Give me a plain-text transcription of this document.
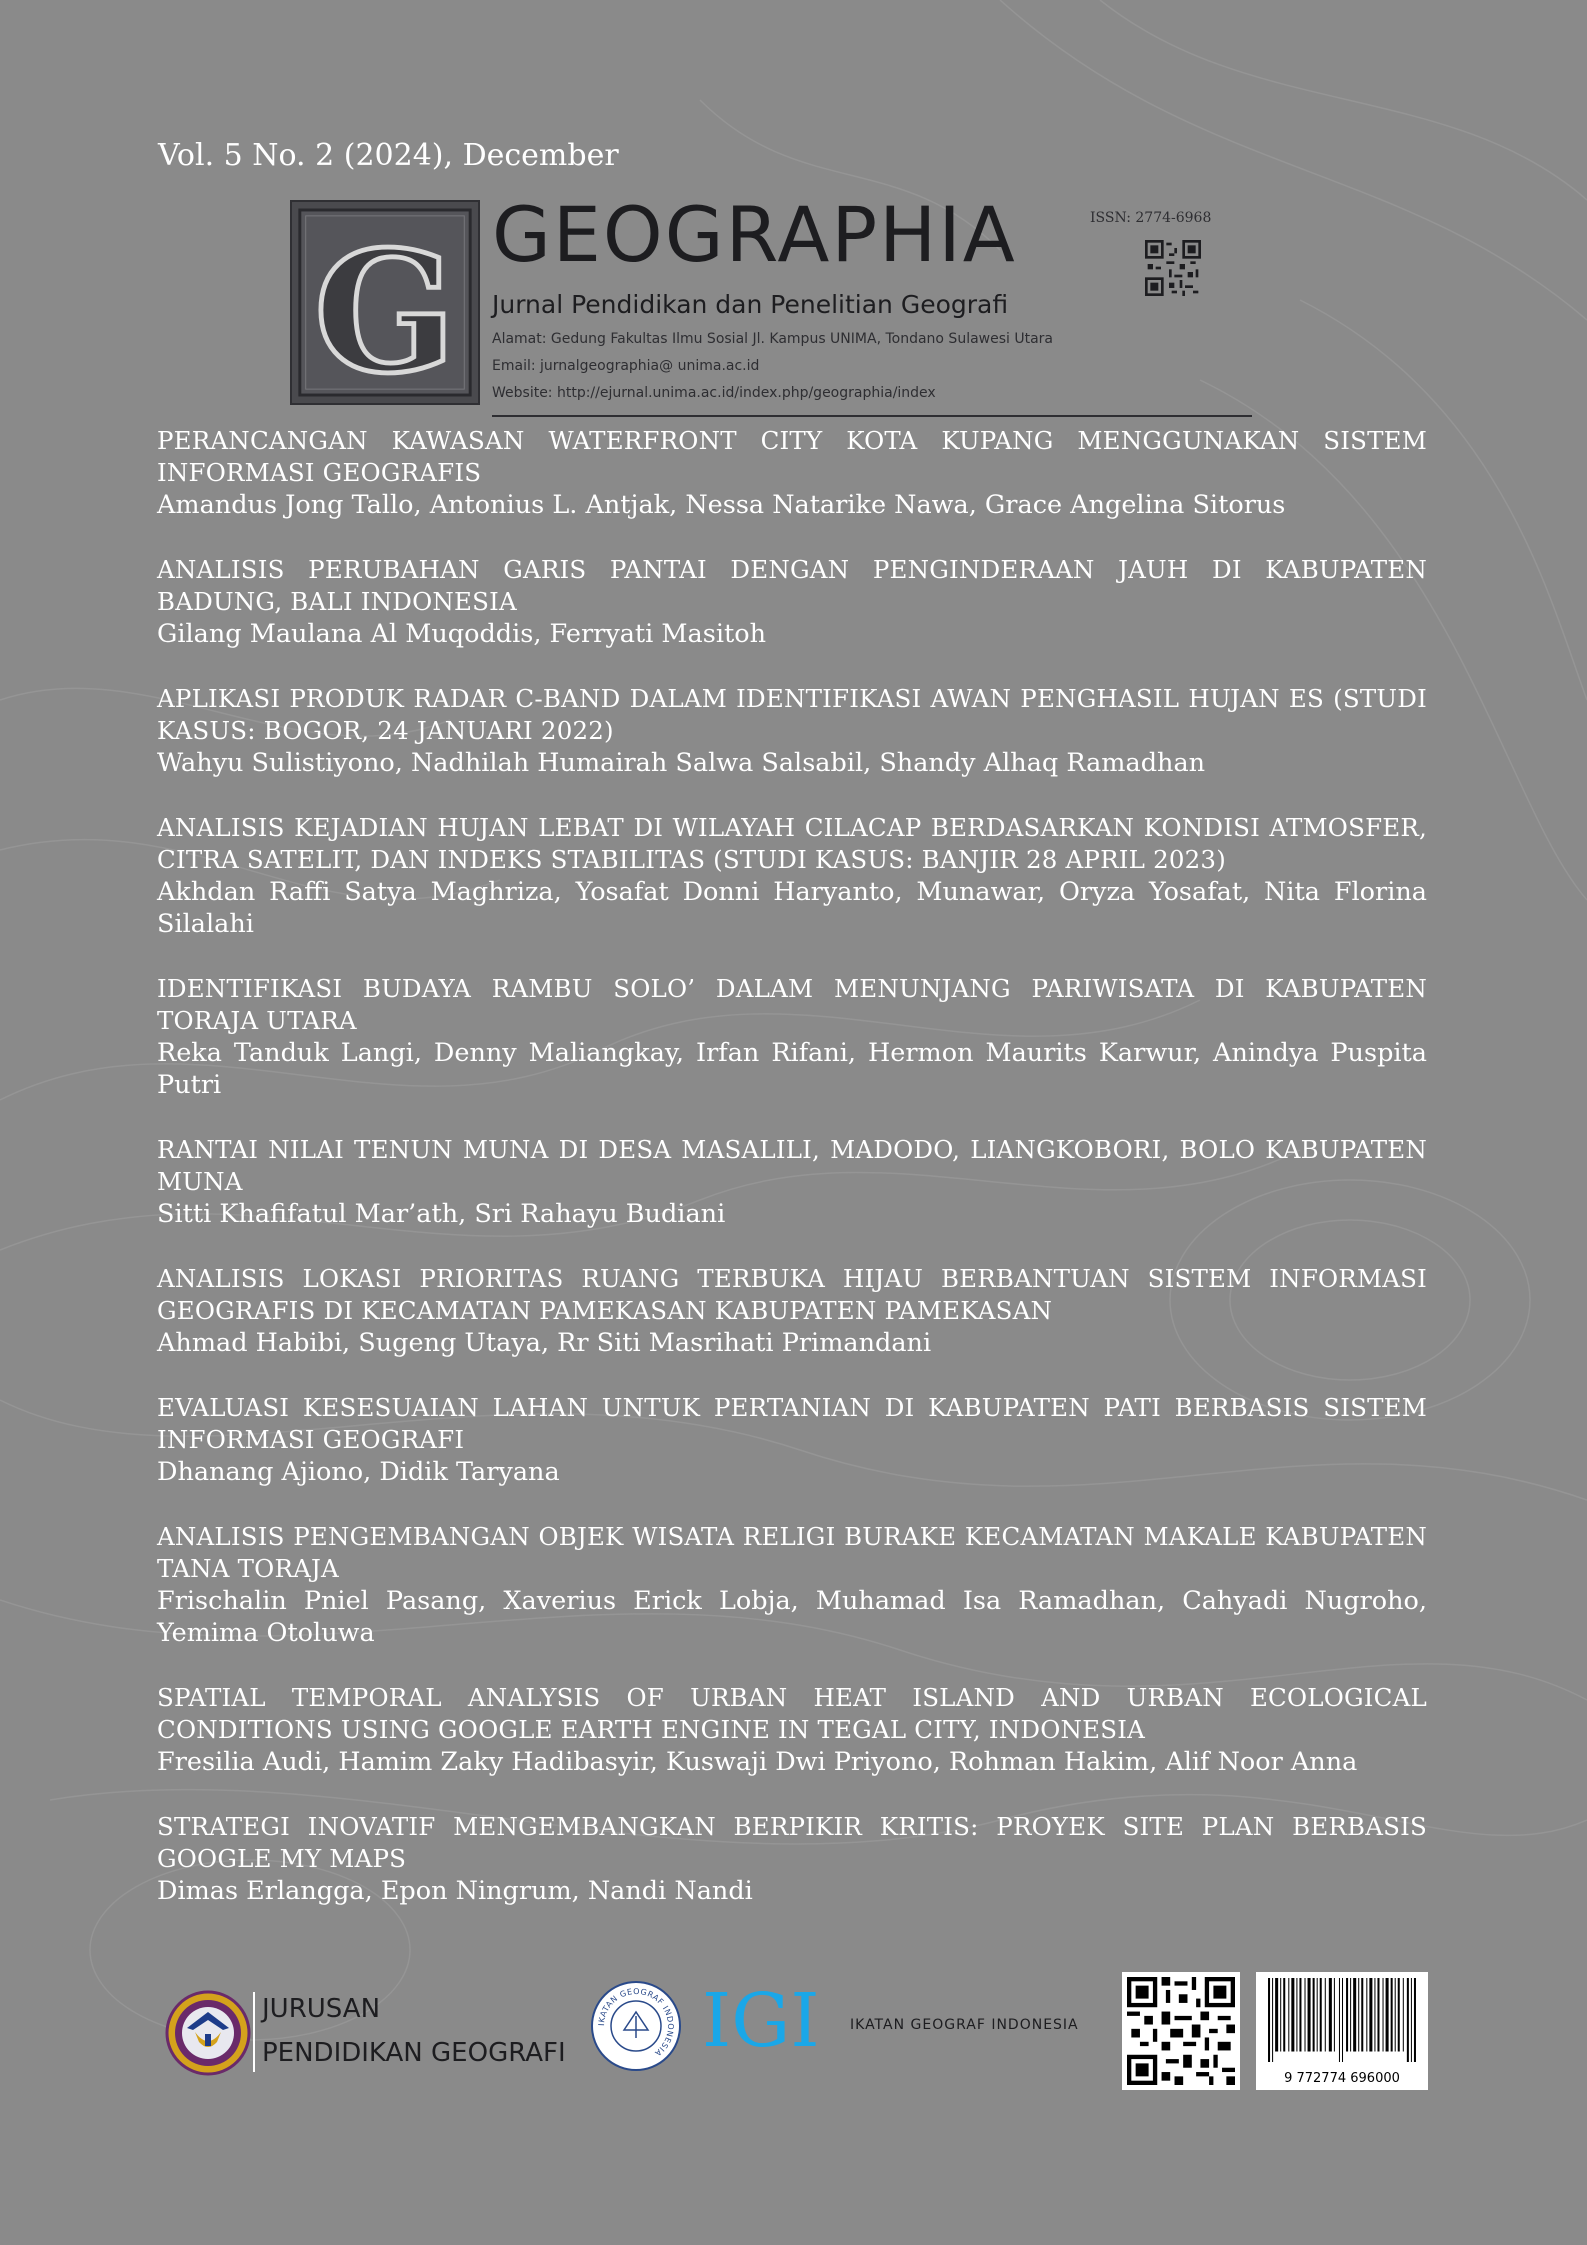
Vol. 5 No. 2 (2024), December
G GEOGRAPHIA
Jurnal Pendidikan dan Penelitian Geografi
Alamat: Gedung Fakultas Ilmu Sosial Jl. Kampus UNIMA, Tondano Sulawesi Utara
Email: jurnalgeographia@ unima.ac.id
Website: http://ejurnal.unima.ac.id/index.php/geographia/index
ISSN: 2774-6968
PERANCANGAN KAWASAN WATERFRONT CITY KOTA KUPANG MENGGUNAKAN SISTEM INFORMASI GEOGRAFIS
Amandus Jong Tallo, Antonius L. Antjak, Nessa Natarike Nawa, Grace Angelina Sitorus
ANALISIS PERUBAHAN GARIS PANTAI DENGAN PENGINDERAAN JAUH DI KABUPATEN BADUNG, BALI INDONESIA
Gilang Maulana Al Muqoddis, Ferryati Masitoh
APLIKASI PRODUK RADAR C-BAND DALAM IDENTIFIKASI AWAN PENGHASIL HUJAN ES (STUDI KASUS: BOGOR, 24 JANUARI 2022)
Wahyu Sulistiyono, Nadhilah Humairah Salwa Salsabil, Shandy Alhaq Ramadhan
ANALISIS KEJADIAN HUJAN LEBAT DI WILAYAH CILACAP BERDASARKAN KONDISI ATMOSFER, CITRA SATELIT, DAN INDEKS STABILITAS (STUDI KASUS: BANJIR 28 APRIL 2023)
Akhdan Raffi Satya Maghriza, Yosafat Donni Haryanto, Munawar, Oryza Yosafat, Nita Florina Silalahi
IDENTIFIKASI BUDAYA RAMBU SOLO’ DALAM MENUNJANG PARIWISATA DI KABUPATEN TORAJA UTARA
Reka Tanduk Langi, Denny Maliangkay, Irfan Rifani, Hermon Maurits Karwur, Anindya Puspita Putri
RANTAI NILAI TENUN MUNA DI DESA MASALILI, MADODO, LIANGKOBORI, BOLO KABUPATEN MUNA
Sitti Khafifatul Mar’ath, Sri Rahayu Budiani
ANALISIS LOKASI PRIORITAS RUANG TERBUKA HIJAU BERBANTUAN SISTEM INFORMASI GEOGRAFIS DI KECAMATAN PAMEKASAN KABUPATEN PAMEKASAN
Ahmad Habibi, Sugeng Utaya, Rr Siti Masrihati Primandani
EVALUASI KESESUAIAN LAHAN UNTUK PERTANIAN DI KABUPATEN PATI BERBASIS SISTEM INFORMASI GEOGRAFI
Dhanang Ajiono, Didik Taryana
ANALISIS PENGEMBANGAN OBJEK WISATA RELIGI BURAKE KECAMATAN MAKALE KABUPATEN TANA TORAJA
Frischalin Pniel Pasang, Xaverius Erick Lobja, Muhamad Isa Ramadhan, Cahyadi Nugroho, Yemima Otoluwa
SPATIAL TEMPORAL ANALYSIS OF URBAN HEAT ISLAND AND URBAN ECOLOGICAL CONDITIONS USING GOOGLE EARTH ENGINE IN TEGAL CITY, INDONESIA
Fresilia Audi, Hamim Zaky Hadibasyir, Kuswaji Dwi Priyono, Rohman Hakim, Alif Noor Anna
STRATEGI INOVATIF MENGEMBANGKAN BERPIKIR KRITIS: PROYEK SITE PLAN BERBASIS GOOGLE MY MAPS
Dimas Erlangga, Epon Ningrum, Nandi Nandi
JURUSAN
PENDIDIKAN GEOGRAFI
IKATAN GEOGRAF INDONESIA IGI IKATAN GEOGRAF INDONESIA
9 772774 696000
